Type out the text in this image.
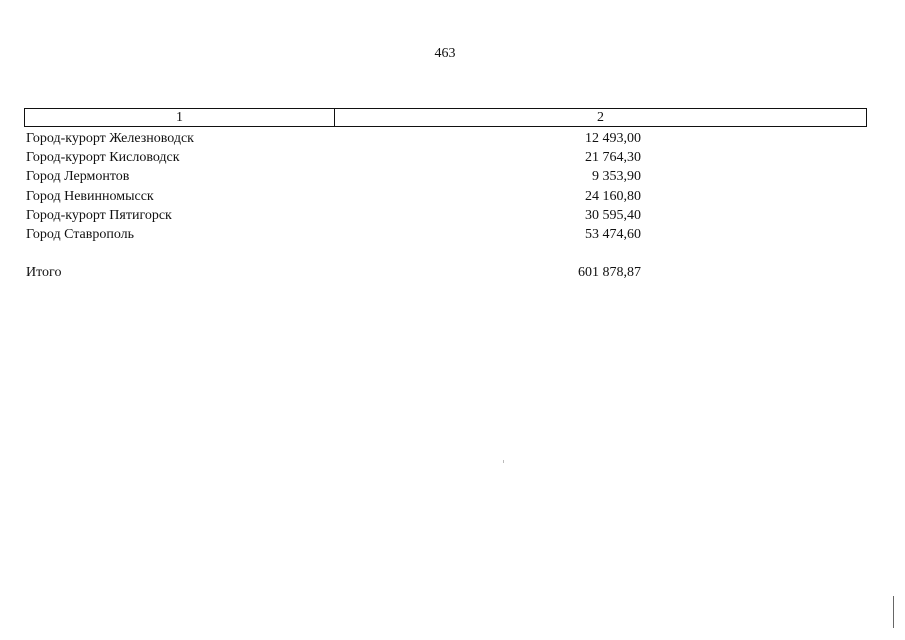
463
1	2
Город-курорт Железноводск	12 493,00
Город-курорт Кисловодск	21 764,30
Город Лермонтов	9 353,90
Город Невинномысск	24 160,80
Город-курорт Пятигорск	30 595,40
Город Ставрополь	53 474,60
Итого	601 878,87
